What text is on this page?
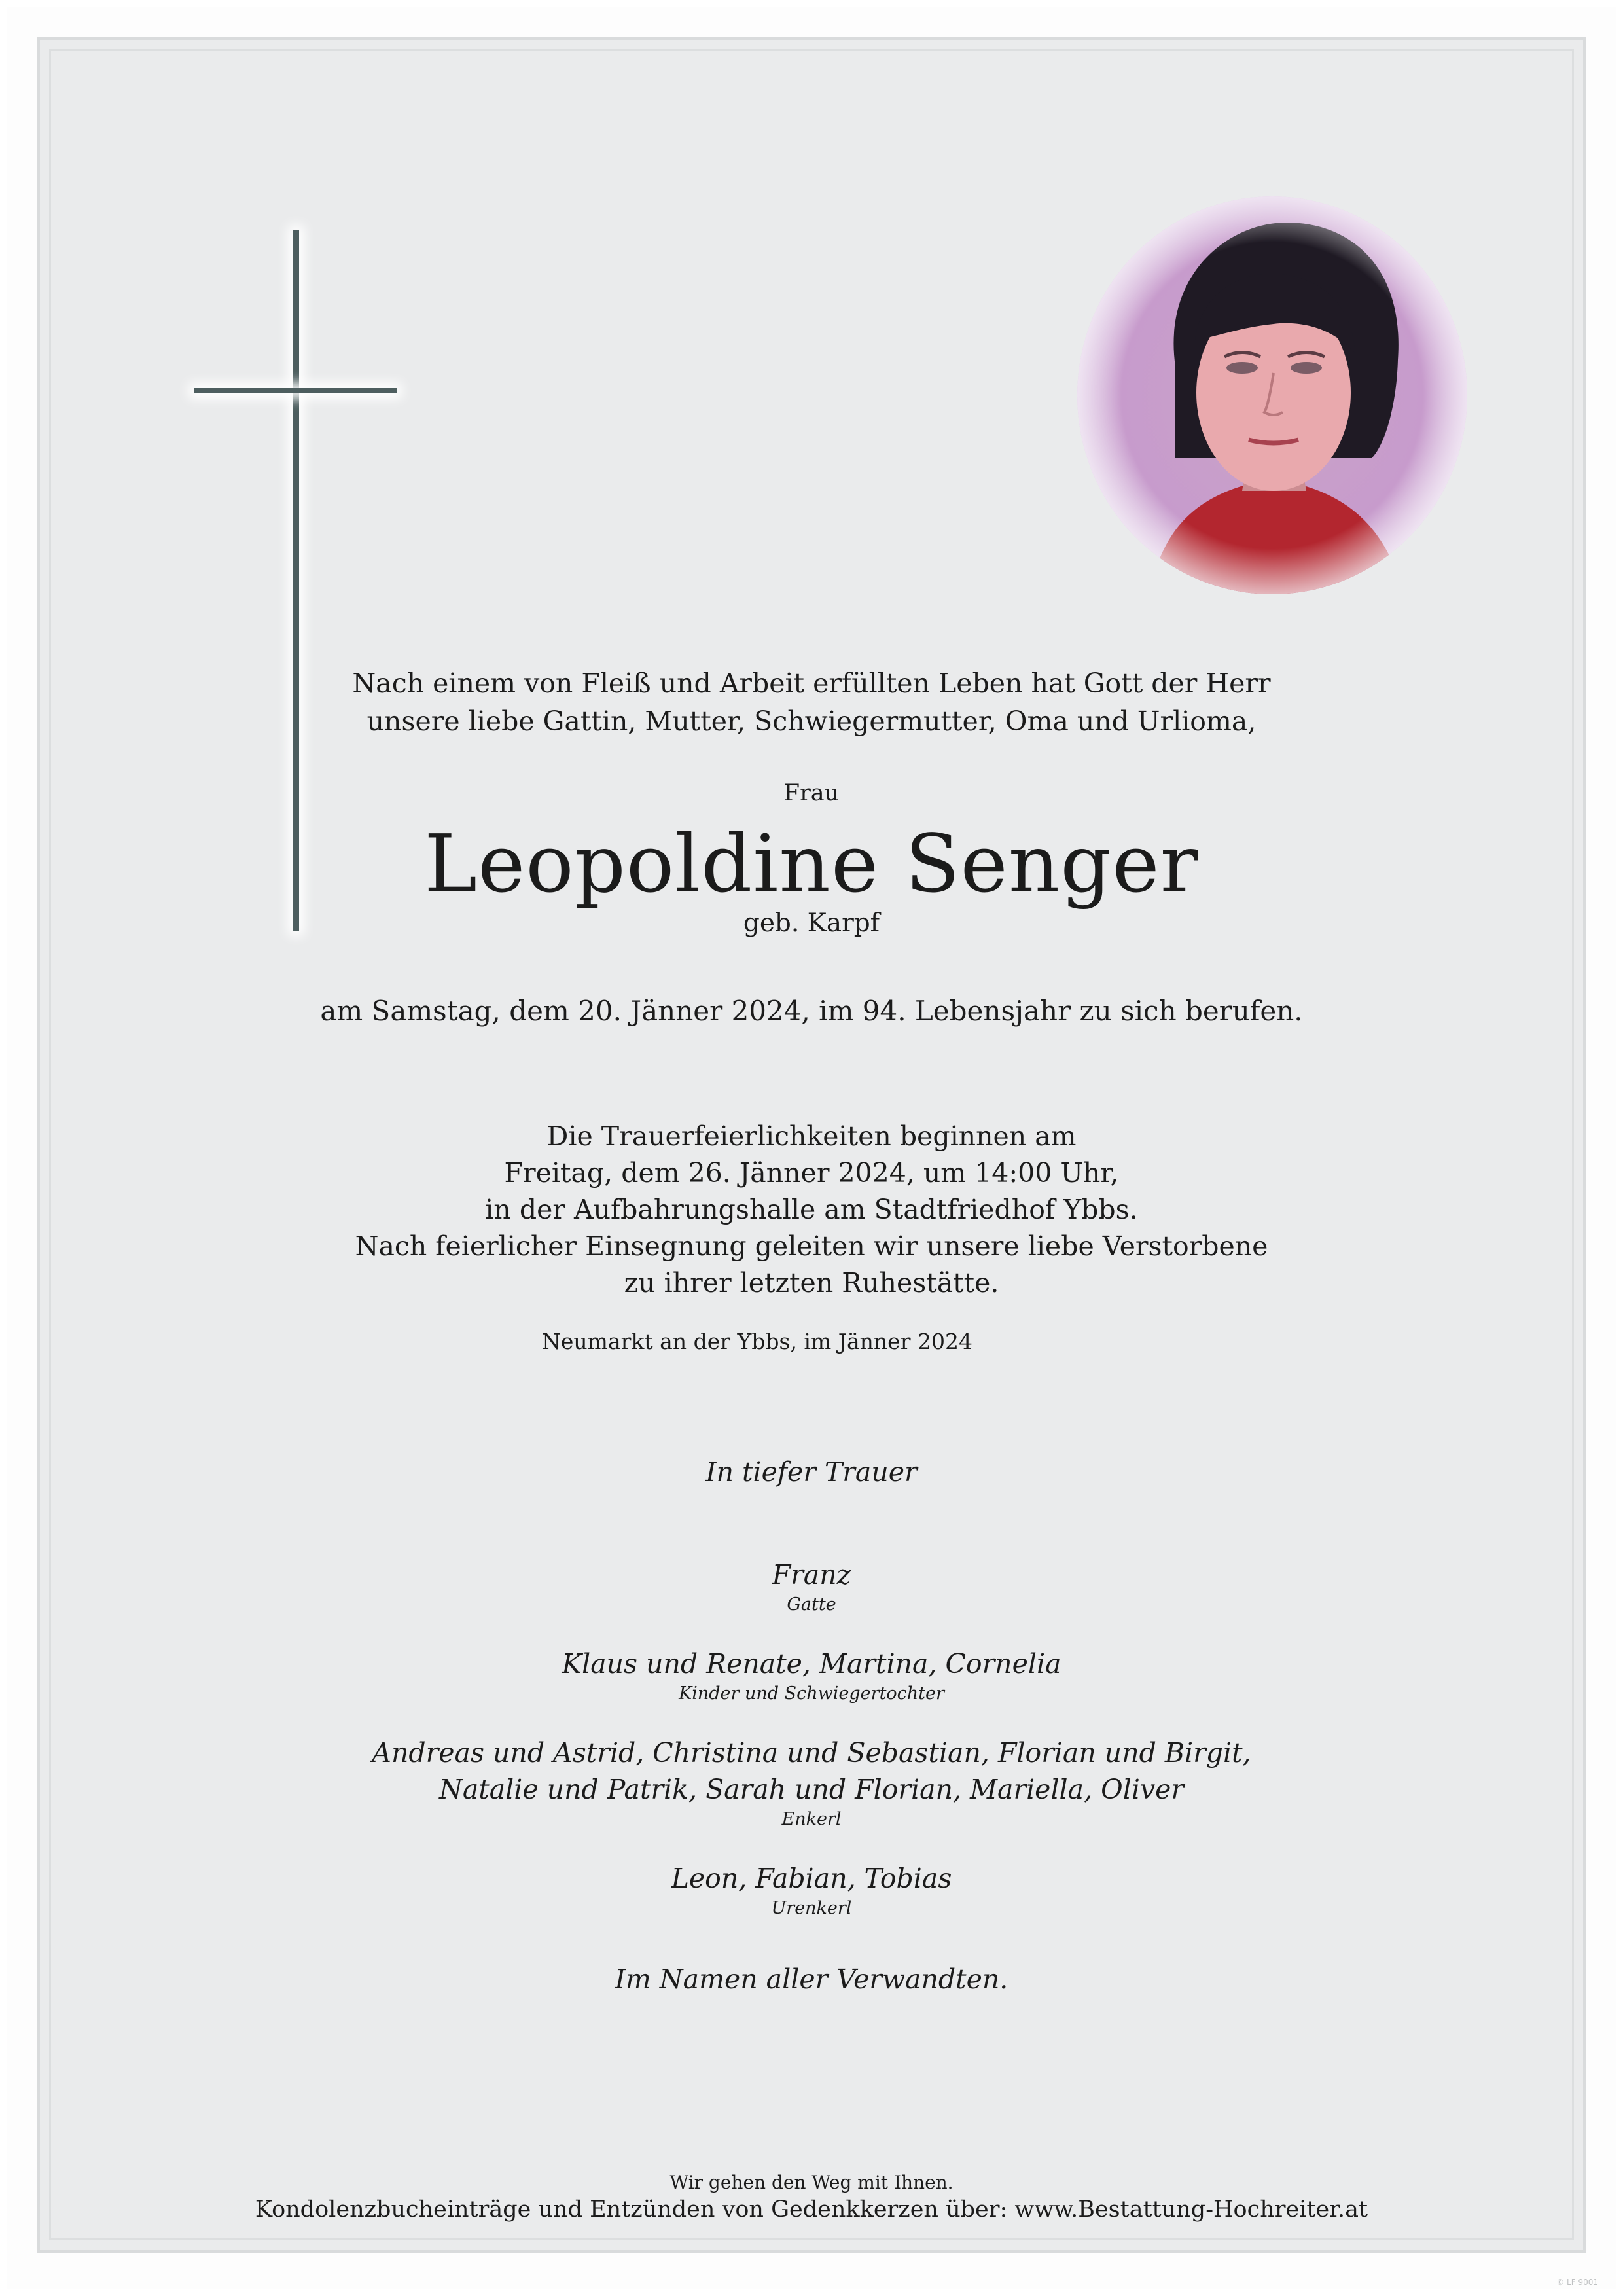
Nach einem von Fleiß und Arbeit erfüllten Leben hat Gott der Herr
unsere liebe Gattin, Mutter, Schwiegermutter, Oma und Urlioma,
Frau
Leopoldine Senger
geb. Karpf
am Samstag, dem 20. Jänner 2024, im 94. Lebensjahr zu sich berufen.
Die Trauerfeierlichkeiten beginnen am
Freitag, dem 26. Jänner 2024, um 14:00 Uhr,
in der Aufbahrungshalle am Stadtfriedhof Ybbs.
Nach feierlicher Einsegnung geleiten wir unsere liebe Verstorbene
zu ihrer letzten Ruhestätte.
Neumarkt an der Ybbs, im Jänner 2024
In tiefer Trauer
Franz
Gatte
Klaus und Renate, Martina, Cornelia
Kinder und Schwiegertochter
Andreas und Astrid, Christina und Sebastian, Florian und Birgit,
Natalie und Patrik, Sarah und Florian, Mariella, Oliver
Enkerl
Leon, Fabian, Tobias
Urenkerl
Im Namen aller Verwandten.
Wir gehen den Weg mit Ihnen.
Kondolenzbucheinträge und Entzünden von Gedenkkerzen über: www.Bestattung-Hochreiter.at
© LF 9001
